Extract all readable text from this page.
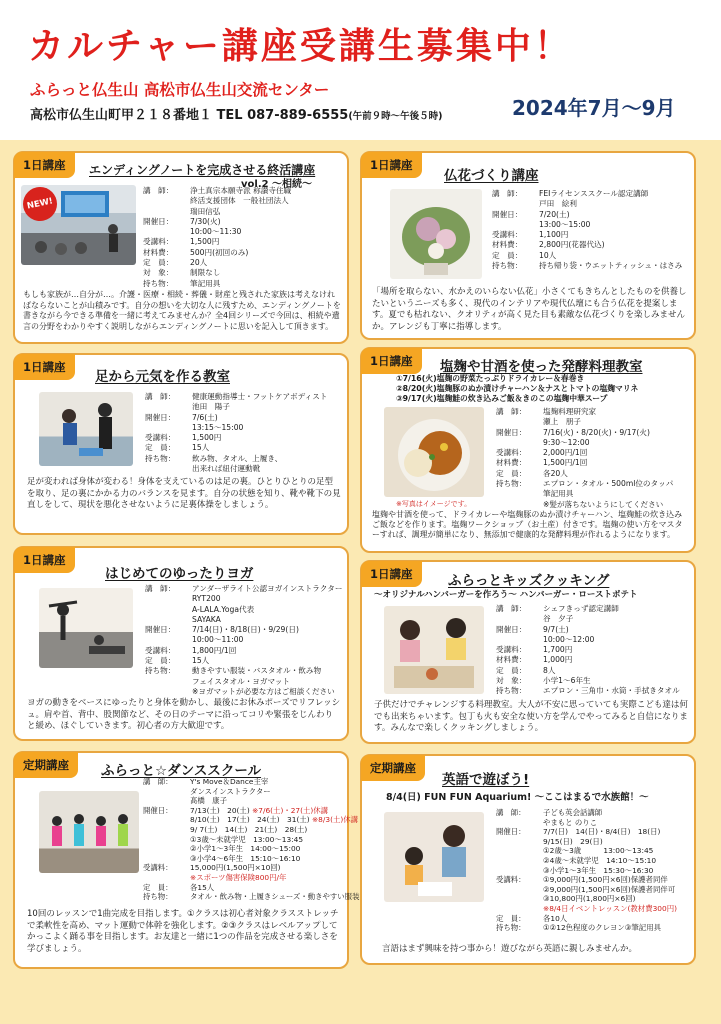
カルチャー講座受講生募集中！
ふらっと仏生山 高松市仏生山交流センター
高松市仏生山町甲２１８番地１ TEL 087-889-6555(午前９時～午後５時)	2024年7月～9月
1日講座	エンディングノートを完成させる終活講座
vol.2 ～相続～
NEW!
講　師：	浄土真宗本願寺派 称讃寺住職
終活支援団体　一般社団法人
瑞田信弘
開催日：	7/30(火)
10:00～11:30
受講料：	1,500円
材料費：	500円(初回のみ)
定　員：	20人
対　象：	制限なし
持ち物：	筆記用具
もしも家族が…自分が…。介護・医療・相続・葬儀・財産と残された家族は考えなければならないことが山積みです。自分の想いを大切な人に残すため、エンディングノートを書きながら今できる準備を一緒に考えてみませんか？全4回シリーズで今回は、相続や遺言の分野をわかりやすく説明しながらエンディングノートに思いを記入して頂きます。
1日講座
仏花づくり講座
講　師：	FEIライセンススクール認定講師
戸田　絵利
開催日：	7/20(土)
13:00～15:00
受講料：	1,100円
材料費：	2,800円(花器代込)
定　員：	10人
持ち物：	持ち帰り袋・ウエットティッシュ・はさみ
「場所を取らない、水かえのいらない仏花」小さくてもきちんとしたものを供養したいというニーズも多く、現代のインテリアや現代仏壇にも合う仏花を提案します。夏でも枯れない、クオリティが高く見た目も素敵な仏花づくりを楽しみませんか。アレンジも丁寧に指導します。
1日講座
足から元気を作る教室
講　師：	健康運動指導士・フットケアボディスト
池田　陽子
開催日：	7/6(土)
13:15～15:00
受講料：	1,500円
定　員：	15人
持ち物：	飲み物、タオル、上履き、
出来れば紐付運動靴
足が変われば身体が変わる！身体を支えているのは足の裏。ひとりひとりの足型を取り、足の裏にかかる力のバランスを見ます。自分の状態を知り、靴や靴下の見直しをして、現状を悪化させないように足裏体操をしましょう。
1日講座	塩麹や甘酒を使った発酵料理教室
①7/16(火)塩麹の野菜たっぷりドライカレー＆春巻き
②8/20(火)塩麹豚のぬか漬けチャーハン＆ナスとトマトの塩麹マリネ
③9/17(火)塩麹鮭の炊き込みご飯＆きのこの塩麹中華スープ
※写真はイメージです。
講　師：	塩麹料理研究家
瀬上　朋子
開催日：	7/16(火)・8/20(火)・9/17(火)
9:30～12:00
受講料：	2,000円/1回
材料費：	1,500円/1回
定　員：	各20人
持ち物：	エプロン・タオル・500ml位のタッパ
筆記用具
※髪が落ちないようにしてください
塩麹や甘酒を使って、ドライカレーや塩麹豚のぬか漬けチャーハン、塩麹鮭の炊き込みご飯などを作ります。塩麹ワークショップ（お土産）付きです。塩麹の使い方をマスターすれば、調理が簡単になり、無添加で健康的な発酵料理が作れるようになります。
1日講座
はじめてのゆったりヨガ
講　師：	アンダーザライト公認ヨガインストラクター
RYT200
A-LALA.Yoga代表
SAYAKA
開催日：	7/14(日)・8/18(日)・9/29(日)
10:00～11:00
受講料：	1,800円/1回
定　員：	15人
持ち物：	動きやすい服装・バスタオル・飲み物
フェイスタオル・ヨガマット
※ヨガマットが必要な方はご相談ください
ヨガの動きをベースにゆったりと身体を動かし、最後にお休みポーズでリフレッシュ。肩や首、背中、股関節など、その日のテーマに沿ってコリや緊張をじんわりと緩め、ほぐしていきます。初心者の方大歓迎です。
1日講座	ふらっとキッズクッキング
～オリジナルハンバーガーを作ろう～ ハンバーガー・ローストポテト
講　師：	シェフきっず認定講師
谷　夕子
開催日：	9/7(土)
10:00～12:00
受講料：	1,700円
材料費：	1,000円
定　員：	8人
対　象：	小学1～6年生
持ち物：	エプロン・三角巾・水筒・手拭きタオル
子供だけでチャレンジする料理教室。大人が不安に思っていても実際こども達は何でも出来ちゃいます。包丁も火も安全な使い方を学んでやってみると自信になります。みんなで楽しくクッキングしましょう。
定期講座	ふらっと☆ダンススクール
講　師：	Y's Move＆Dance主宰
ダンスインストラクター
髙橋　康子
開催日：	7/13(土)　20(土)
※7/6(土)・27(土)休講
8/10(土)　17(土)　24(土)　31(土)
※8/3(土)休講
9/ 7(土)　14(土)　21(土)　28(土)
①3歳～未就学児　13:00～13:45
②小学1～3年生　14:00～15:00
③小学4～6年生　15:10～16:10
受講料：	15,000円(1,500円×10回)
※スポーツ傷害保険800円/年
定　員：	各15人
持ち物：	タオル・飲み物・上履きシューズ・動きやすい服装
10回のレッスンで1曲完成を目指します。①クラスは初心者対象クラスストレッチで柔軟性を高め、マット運動で体幹を強化します。②③クラスはレベルアップしてかっこよく踊る事を目指します。お友達と一緒に1つの作品を完成させる楽しさを学びましょう。
定期講座
英語で遊ぼう!
8/4(日) FUN FUN Aquarium! ～ここはまるで水族館！～
講　師：	子ども英会話講師
やまもと のりこ
開催日：	7/7(日)　14(日)・8/4(日)　18(日)
9/15(日)　29(日)
①2歳～3歳　　　13:00～13:45
②4歳～未就学児　14:10～15:10
③小学1～3年生　15:30～16:30
受講料：	①9,000円(1,500円×6回)保護者同伴
②9,000円(1,500円×6回)保護者同伴可
③10,800円(1,800円×6回)
※8/4日イベントレッスン(教材費300円)
定　員：	各10人
持ち物：	①②12色程度のクレヨン③筆記用具
言語はまず興味を持つ事から！遊びながら英語に親しみませんか。
